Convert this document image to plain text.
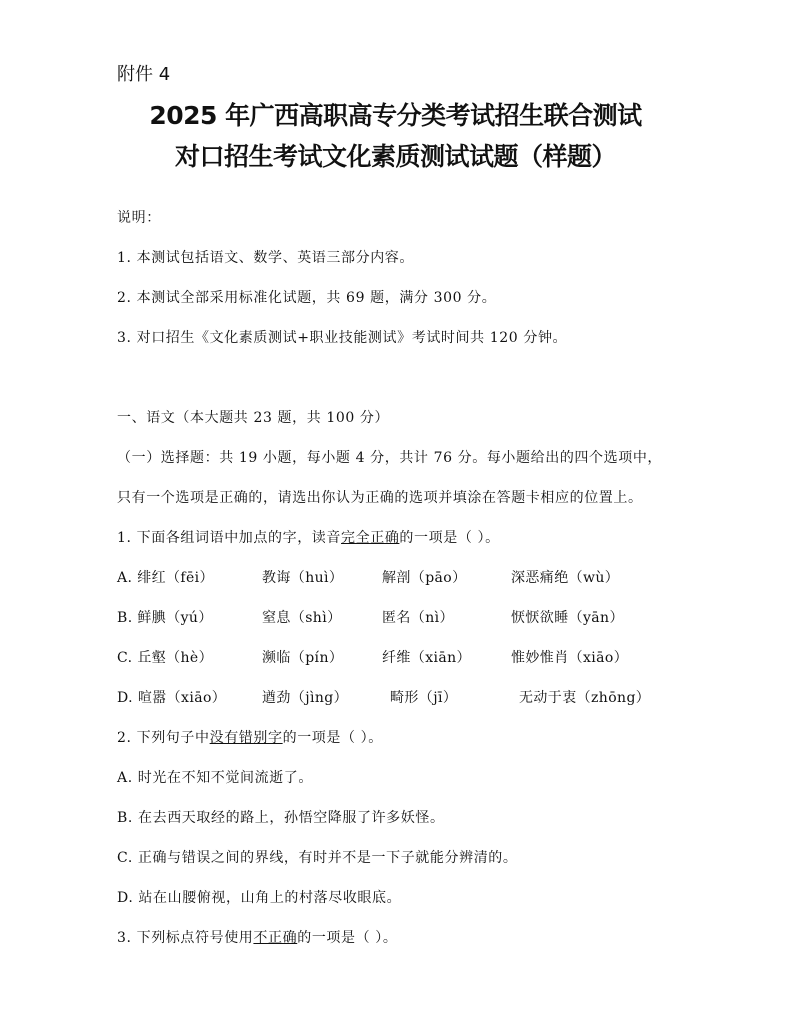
附件 4
2025 年广西高职高专分类考试招生联合测试
对口招生考试文化素质测试试题（样题）
说明：
1. 本测试包括语文、数学、英语三部分内容。
2. 本测试全部采用标准化试题，共 69 题，满分 300 分。
3. 对口招生《文化素质测试+职业技能测试》考试时间共 120 分钟。
一、语文（本大题共 23 题，共 100 分）
（一）选择题：共 19 小题，每小题 4 分，共计 76 分。每小题给出的四个选项中，
只有一个选项是正确的，请选出你认为正确的选项并填涂在答题卡相应的位置上。
1. 下面各组词语中加点的字，读音完全正确的一项是（ ）。
A. 绯红（fēi）	教诲（huì）	解剖（pāo）	深恶痛绝（wù）
B. 鲜腆（yú）	窒息（shì）	匿名（nì）	恹恹欲睡（yān）
C. 丘壑（hè）	濒临（pín）	纤维（xiān）	惟妙惟肖（xiāo）
D. 喧嚣（xiāo）	遒劲（jìng）	畸形（jī）	无动于衷（zhōng）
2. 下列句子中没有错别字的一项是（ ）。
A. 时光在不知不觉间流逝了。
B. 在去西天取经的路上，孙悟空降服了许多妖怪。
C. 正确与错误之间的界线，有时并不是一下子就能分辨清的。
D. 站在山腰俯视，山角上的村落尽收眼底。
3. 下列标点符号使用不正确的一项是（ ）。
